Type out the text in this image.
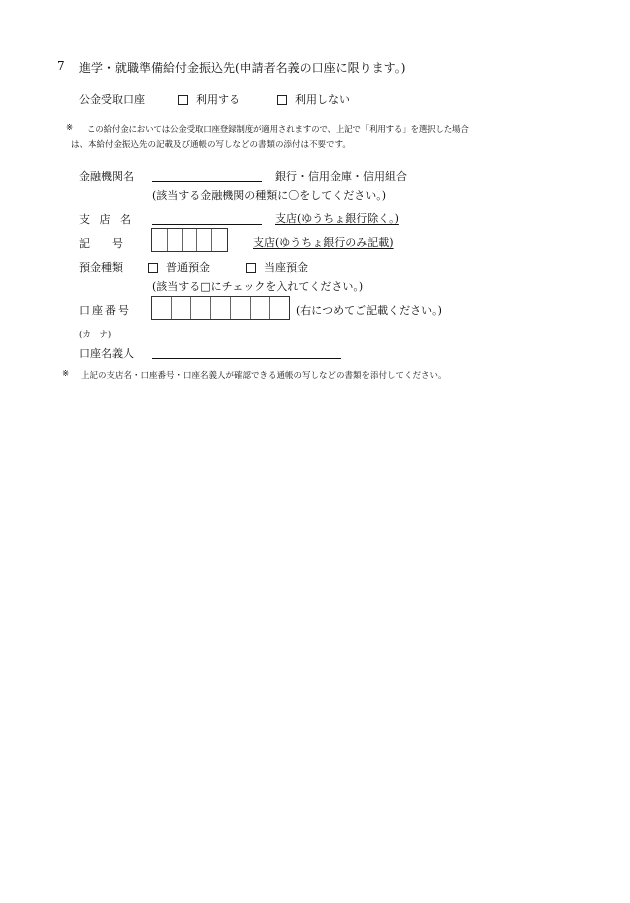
7 進学・就職準備給付金振込先(申請者名義の口座に限ります。)
公金受取口座	利用する	利用しない
※ この給付金においては公金受取口座登録制度が適用されますので、上記で「利用する」を選択した場合
は、本給付金振込先の記載及び通帳の写しなどの書類の添付は不要です。
金融機関名	銀行・信用金庫・信用組合
(該当する金融機関の種類に〇をしてください。)
支 店 名	支店(ゆうちょ銀行除く。)
記　　号	支店(ゆうちょ銀行のみ記載)
預金種類	普通預金	当座預金
(該当する□にチェックを入れてください。)
口座番号	(右につめてご記載ください。)
(カ　ナ)
口座名義人
※ 上記の支店名・口座番号・口座名義人が確認できる通帳の写しなどの書類を添付してください。
